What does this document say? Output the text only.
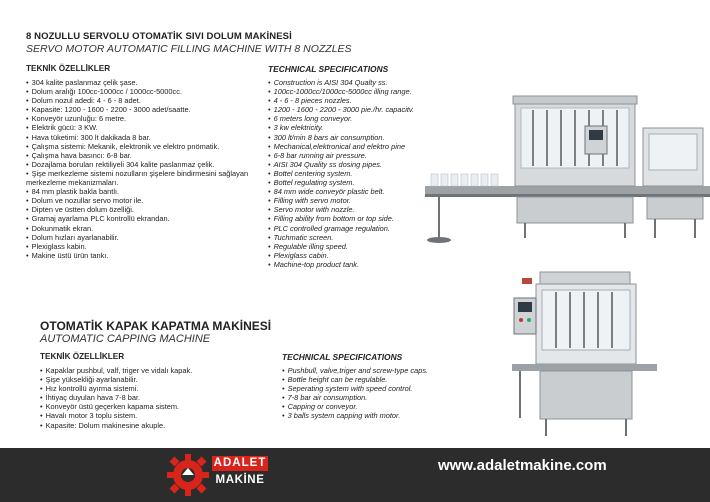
8 NOZULLU SERVOLU OTOMATİK SIVI DOLUM MAKİNESİ
SERVO MOTOR AUTOMATIC FILLING MACHINE WITH 8 NOZZLES
TEKNİK ÖZELLİKLER	TECHNICAL SPECIFICATIONS
• 304 kalite paslanmaz çelik şase.
• Dolum aralığı 100cc-1000cc / 1000cc-5000cc.
• Dolum nozul adedi: 4 - 6 - 8 adet.
• Kapasite: 1200 - 1600 - 2200 - 3000 adet/saatte.
• Konveyör uzunluğu: 6 metre.
• Elektrik gücü: 3 KW.
• Hava tüketimi: 300 lt dakikada 8 bar.
• Çalışma sistemi: Mekanik, elektronik ve elektro pnömatik.
• Çalışma hava basıncı: 6-8 bar.
• Dozajlama boruları rektiliyeli 304 kalite paslanmaz çelik.
• Şişe merkezleme sistemi nozulların şişelere bindirmesini sağlayan merkezleme mekanizmaları.
• 84 mm plastik bakla bantlı.
• Dolum ve nozullar servo motor ile.
• Dipten ve üstten dolum özelliği.
• Gramaj ayarlama PLC kontrollü ekrandan.
• Dokunmatik ekran.
• Dolum hızları ayarlanabilir.
• Plexiglass kabin.
• Makine üstü ürün tankı.
• Construction is AISI 304 Qualty ss.
• 100cc-1000cc/1000cc-5000cc illing range.
• 4 - 6 - 8 pieces nozzles.
• 1200 - 1600 - 2200 - 3000 pie./hr. capacitv.
• 6 meters long conveyor.
• 3 kw elektricity.
• 300 lt/min 8 bars air consumption.
• Mechanical,elektronical and elektro pine
• 6-8 bar running air pressure.
• AISI 304 Quality ss dosing pipes.
• Bottel centering system.
• Bottel regulating system.
• 84 mm wide conveyör plastic belt.
• Filling with servo motor.
• Servo motor with nozzle.
• Filling ability from bottom or top side.
• PLC controlled gramage regulation.
• Tuchmatic screen.
• Regulable illing speed.
• Plexiglass cabin.
• Machine-top product tank.
OTOMATİK KAPAK KAPATMA MAKİNESİ
AUTOMATIC CAPPING MACHINE
TEKNİK ÖZELLİKLER	TECHNICAL SPECIFICATIONS
• Kapaklar pushbul, valf, triger ve vidalı kapak.
• Şişe yüksekliği ayarlanabilir.
• Hız kontrollü ayırma sistemi.
• İhtiyaç duyulan hava 7-8 bar.
• Konveyör üstü geçerken kapama sistem.
• Havalı motor 3 toplu sistem.
• Kapasite: Dolum makinesine akuple.
• Pushbull, valve,triger and screw-type caps.
• Bottle height can be regulable.
• Seperating system with speed control.
• 7-8 bar air consumption.
• Capping or conveyor.
• 3 balls system capping with motor.
ADALET
MAKİNE
www.adaletmakine.com
